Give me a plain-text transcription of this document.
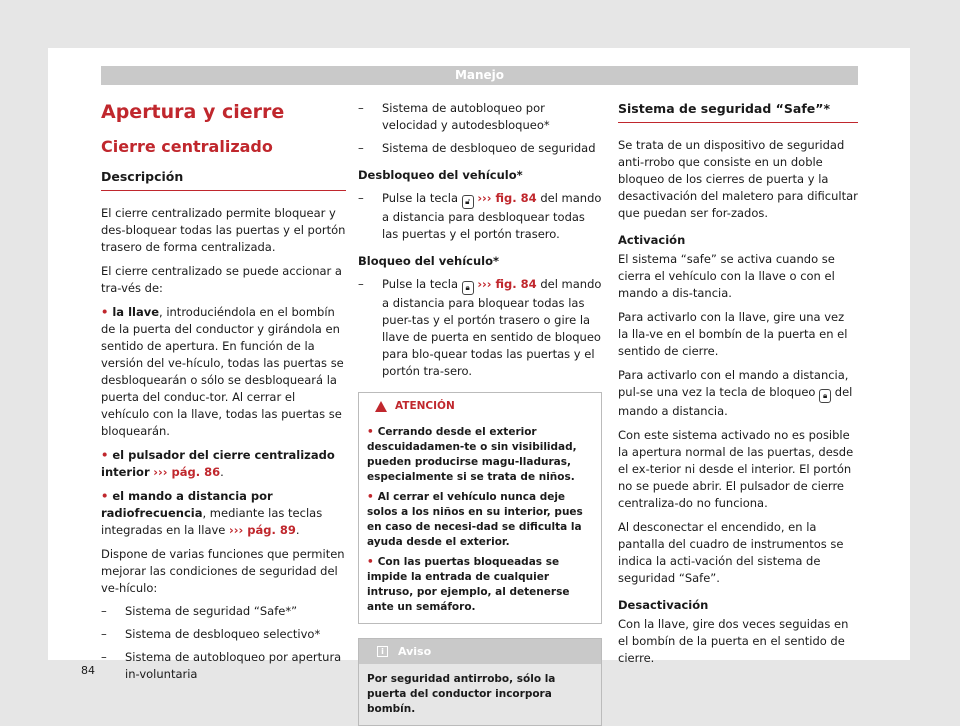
Manejo
Apertura y cierre
Cierre centralizado
Descripción

El cierre centralizado permite bloquear y des-bloquear todas las puertas y el portón trasero de forma centralizada.

El cierre centralizado se puede accionar a tra-vés de:

• la llave, introduciéndola en el bombín de la puerta del conductor y girándola en sentido de apertura. En función de la versión del ve-hículo, todas las puertas se desbloquearán o sólo se desbloqueará la puerta del conduc-tor. Al cerrar el vehículo con la llave, todas las puertas se bloquearán.

• el pulsador del cierre centralizado interior ››› pág. 86.

• el mando a distancia por radiofrecuencia, mediante las teclas integradas en la llave ››› pág. 89.

Dispone de varias funciones que permiten mejorar las condiciones de seguridad del ve-hículo:

–	Sistema de seguridad “Safe*”
–	Sistema de desbloqueo selectivo*
–	Sistema de autobloqueo por apertura in-voluntaria
–	Sistema de autobloqueo por velocidad y autodesbloqueo*
–	Sistema de desbloqueo de seguridad

Desbloqueo del vehículo*

–	Pulse la tecla 🔓︎ ››› fig. 84 del mando a distancia para desbloquear todas las puertas y el portón trasero.

Bloqueo del vehículo*

–	Pulse la tecla 🔒︎ ››› fig. 84 del mando a distancia para bloquear todas las puer-tas y el portón trasero o gire la llave de puerta en sentido de bloqueo para blo-quear todas las puertas y el portón tra-sero.
ATENCIÓN
• Cerrando desde el exterior descuidadamen-te o sin visibilidad, pueden producirse magu-lladuras, especialmente si se trata de niños.
• Al cerrar el vehículo nunca deje solos a los niños en su interior, pues en caso de necesi-dad se dificulta la ayuda desde el exterior.
• Con las puertas bloqueadas se impide la entrada de cualquier intruso, por ejemplo, al detenerse ante un semáforo.
i	Aviso
Por seguridad antirrobo, sólo la puerta del conductor incorpora bombín.
Sistema de seguridad “Safe”*

Se trata de un dispositivo de seguridad anti-rrobo que consiste en un doble bloqueo de los cierres de puerta y la desactivación del maletero para dificultar que puedan ser for-zados.

Activación

El sistema “safe” se activa cuando se cierra el vehículo con la llave o con el mando a dis-tancia.

Para activarlo con la llave, gire una vez la lla-ve en el bombín de la puerta en el sentido de cierre.

Para activarlo con el mando a distancia, pul-se una vez la tecla de bloqueo 🔒︎ del mando a distancia.

Con este sistema activado no es posible la apertura normal de las puertas, desde el ex-terior ni desde el interior. El portón no se puede abrir. El pulsador de cierre centraliza-do no funciona.

Al desconectar el encendido, en la pantalla del cuadro de instrumentos se indica la acti-vación del sistema de seguridad “Safe”.

Desactivación

Con la llave, gire dos veces seguidas en el bombín de la puerta en el sentido de cierre.

84
